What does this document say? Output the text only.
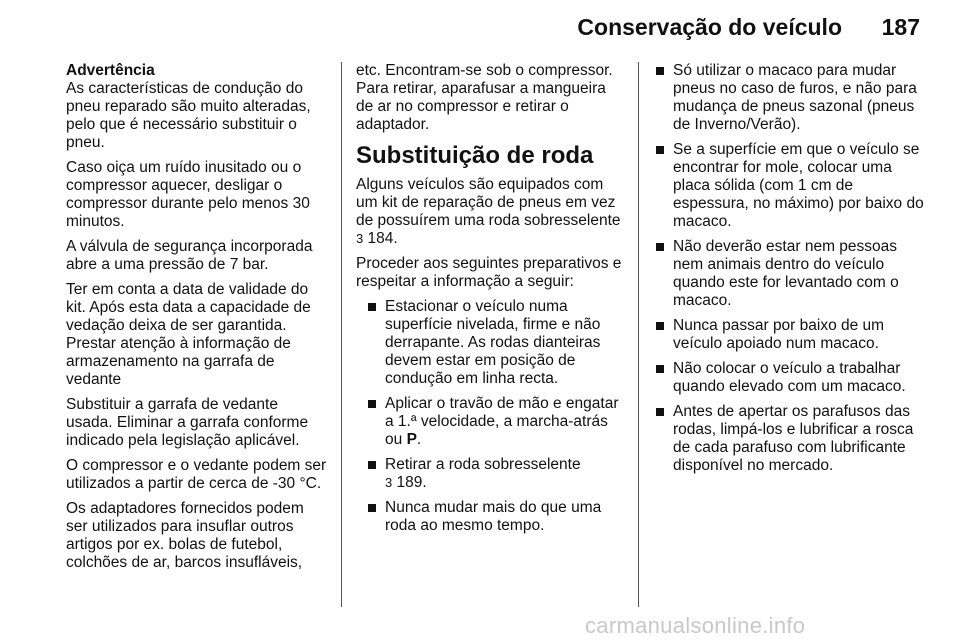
Conservação do veículo 187
Advertência

As características de condução do pneu reparado são muito alteradas, pelo que é necessário substituir o pneu.

Caso oiça um ruído inusitado ou o compressor aquecer, desligar o compressor durante pelo menos 30 minutos.

A válvula de segurança incorporada abre a uma pressão de 7 bar.

Ter em conta a data de validade do kit. Após esta data a capacidade de vedação deixa de ser garantida. Prestar atenção à informação de armazenamento na garrafa de vedante

Substituir a garrafa de vedante usada. Eliminar a garrafa conforme indicado pela legislação aplicável.

O compressor e o vedante podem ser utilizados a partir de cerca de -30 °C.

Os adaptadores fornecidos podem ser utilizados para insuflar outros artigos por ex. bolas de futebol, colchões de ar, barcos insufláveis,

etc. Encontram-se sob o compressor. Para retirar, aparafusar a mangueira de ar no compressor e retirar o adaptador.

Substituição de roda

Alguns veículos são equipados com um kit de reparação de pneus em vez de possuírem uma roda sobresselente 3 184.

Proceder aos seguintes preparativos e respeitar a informação a seguir:

Estacionar o veículo numa superfície nivelada, firme e não derrapante. As rodas dianteiras devem estar em posição de condução em linha recta.
Aplicar o travão de mão e engatar a 1.ª velocidade, a marcha-atrás ou P.
Retirar a roda sobresselente
3 189.
Nunca mudar mais do que uma roda ao mesmo tempo.
Só utilizar o macaco para mudar pneus no caso de furos, e não para mudança de pneus sazonal (pneus de Inverno/Verão).
Se a superfície em que o veículo se encontrar for mole, colocar uma placa sólida (com 1 cm de espessura, no máximo) por baixo do macaco.
Não deverão estar nem pessoas nem animais dentro do veículo quando este for levantado com o macaco.
Nunca passar por baixo de um veículo apoiado num macaco.
Não colocar o veículo a trabalhar quando elevado com um macaco.
Antes de apertar os parafusos das rodas, limpá-los e lubrificar a rosca de cada parafuso com lubrificante disponível no mercado.
carmanualsonline.info
